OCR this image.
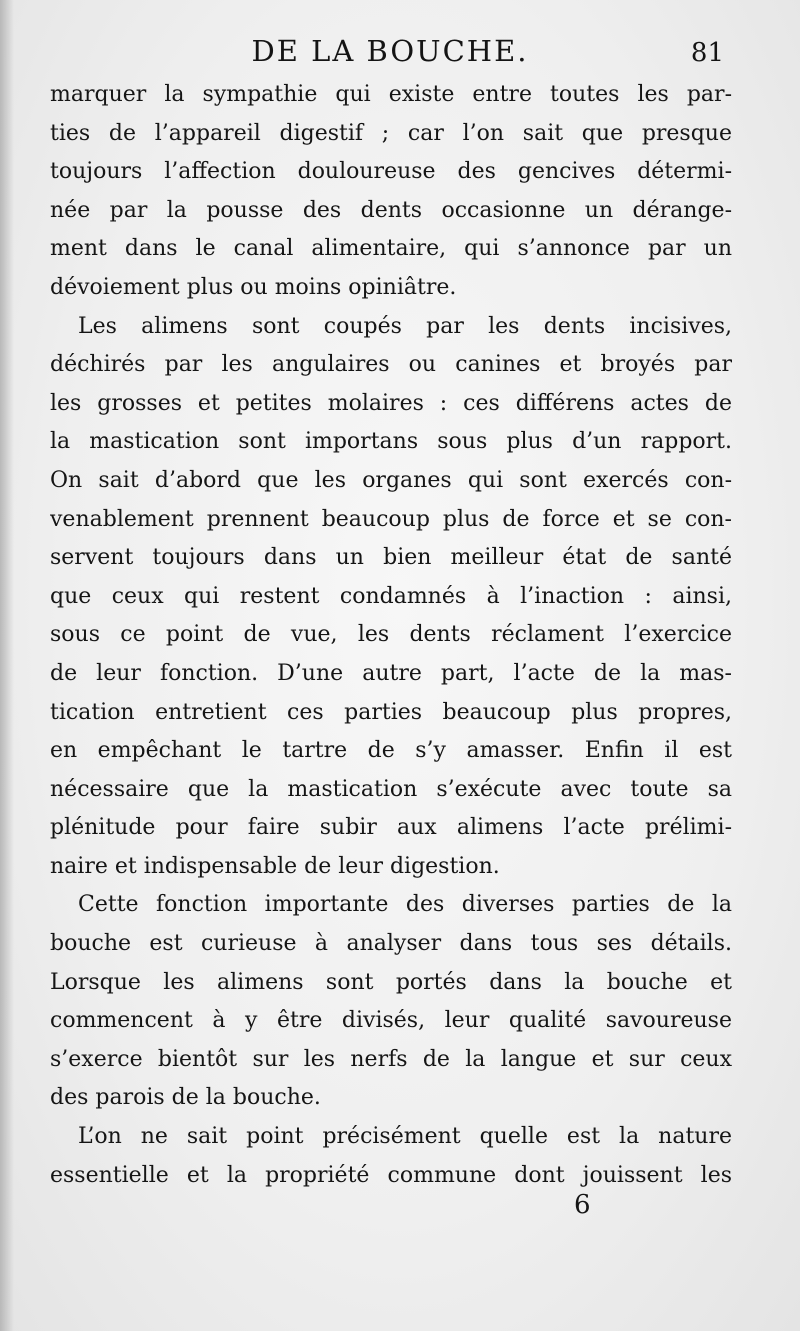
DE LA BOUCHE.	81
marquer la sympathie qui existe entre toutes les par-
ties de l’appareil digestif ; car l’on sait que presque
toujours l’affection douloureuse des gencives détermi-
née par la pousse des dents occasionne un dérange-
ment dans le canal alimentaire, qui s’annonce par un
dévoiement plus ou moins opiniâtre.
Les alimens sont coupés par les dents incisives,
déchirés par les angulaires ou canines et broyés par
les grosses et petites molaires : ces différens actes de
la mastication sont importans sous plus d’un rapport.
On sait d’abord que les organes qui sont exercés con-
venablement prennent beaucoup plus de force et se con-
servent toujours dans un bien meilleur état de santé
que ceux qui restent condamnés à l’inaction : ainsi,
sous ce point de vue, les dents réclament l’exercice
de leur fonction. D’une autre part, l’acte de la mas-
tication entretient ces parties beaucoup plus propres,
en empêchant le tartre de s’y amasser. Enfin il est
nécessaire que la mastication s’exécute avec toute sa
plénitude pour faire subir aux alimens l’acte prélimi-
naire et indispensable de leur digestion.
Cette fonction importante des diverses parties de la
bouche est curieuse à analyser dans tous ses détails.
Lorsque les alimens sont portés dans la bouche et
commencent à y être divisés, leur qualité savoureuse
s’exerce bientôt sur les nerfs de la langue et sur ceux
des parois de la bouche.
L’on ne sait point précisément quelle est la nature
essentielle et la propriété commune dont jouissent les
6
